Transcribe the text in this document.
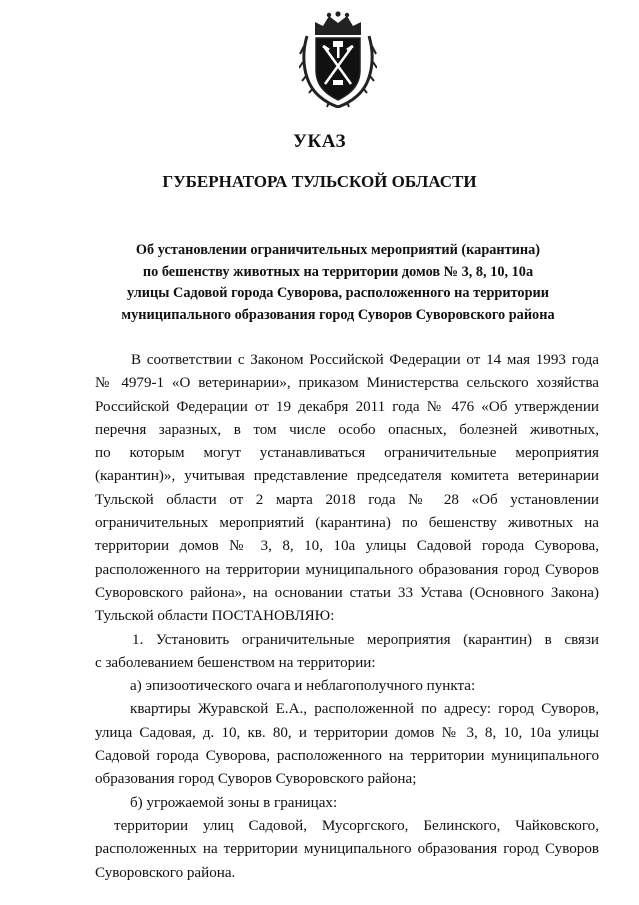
УКАЗ
ГУБЕРНАТОРА ТУЛЬСКОЙ ОБЛАСТИ
Об установлении ограничительных мероприятий (карантина)
по бешенству животных на территории домов № 3, 8, 10, 10а
улицы Садовой города Суворова, расположенного на территории
муниципального образования город Суворов Суворовского района
В соответствии с Законом Российской Федерации от 14 мая 1993 года
№ 4979-1 «О ветеринарии», приказом Министерства сельского хозяйства
Российской Федерации от 19 декабря 2011 года № 476 «Об утверждении
перечня заразных, в том числе особо опасных, болезней животных,
по которым могут устанавливаться ограничительные мероприятия
(карантин)», учитывая представление председателя комитета ветеринарии
Тульской области от 2 марта 2018 года № 28 «Об установлении
ограничительных мероприятий (карантина) по бешенству животных на
территории домов № 3, 8, 10, 10а улицы Садовой города Суворова,
расположенного на территории муниципального образования город Суворов
Суворовского района», на основании статьи 33 Устава (Основного Закона)
Тульской области ПОСТАНОВЛЯЮ:
1. Установить ограничительные мероприятия (карантин) в связи
с заболеванием бешенством на территории:
а) эпизоотического очага и неблагополучного пункта:
квартиры Журавской Е.А., расположенной по адресу: город Суворов,
улица Садовая, д. 10, кв. 80, и территории домов № 3, 8, 10, 10а улицы
Садовой города Суворова, расположенного на территории муниципального
образования город Суворов Суворовского района;
б) угрожаемой зоны в границах:
территории улиц Садовой, Мусоргского, Белинского, Чайковского,
расположенных на территории муниципального образования город Суворов
Суворовского района.
